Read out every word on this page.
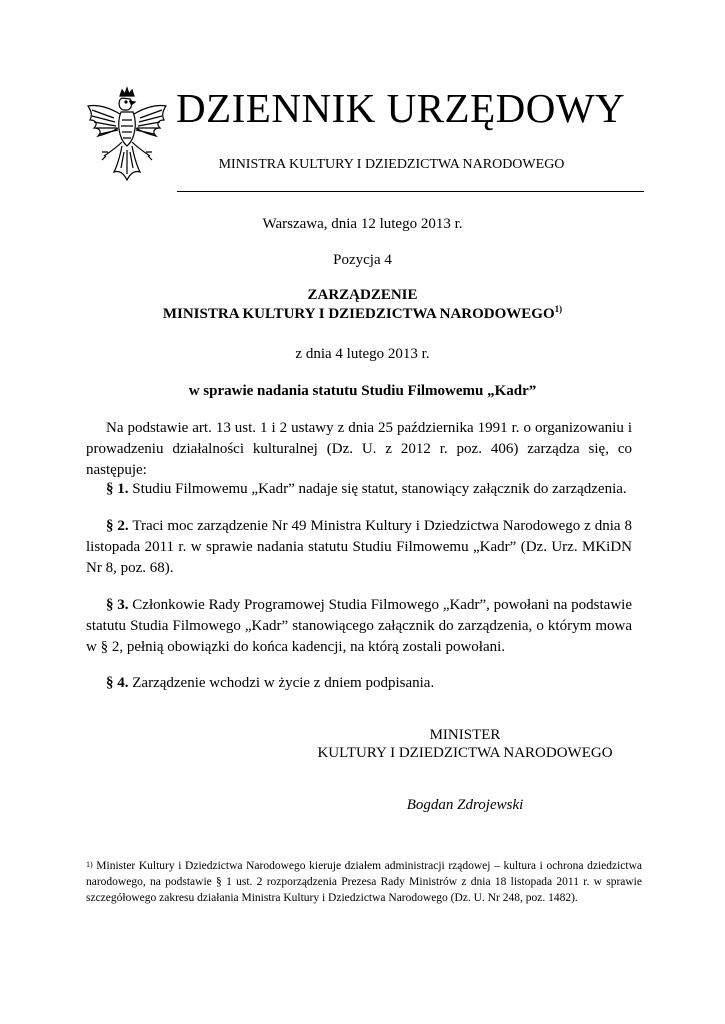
DZIENNIK URZĘDOWY
MINISTRA KULTURY I DZIEDZICTWA NARODOWEGO
Warszawa, dnia 12 lutego 2013 r.
Pozycja 4
ZARZĄDZENIE
MINISTRA KULTURY I DZIEDZICTWA NARODOWEGO$^{1)}$
z dnia 4 lutego 2013 r.
w sprawie nadania statutu Studiu Filmowemu „Kadr”
Na podstawie art. 13 ust. 1 i 2 ustawy z dnia 25 października 1991 r. o organizowaniu i prowadzeniu działalności kulturalnej (Dz. U. z 2012 r. poz. 406) zarządza się, co następuje:
§ 1. Studiu Filmowemu „Kadr” nadaje się statut, stanowiący załącznik do zarządzenia.
§ 2. Traci moc zarządzenie Nr 49 Ministra Kultury i Dziedzictwa Narodowego z dnia 8 listopada 2011 r. w sprawie nadania statutu Studiu Filmowemu „Kadr” (Dz. Urz. MKiDN Nr 8, poz. 68).
§ 3. Członkowie Rady Programowej Studia Filmowego „Kadr”, powołani na podstawie statutu Studia Filmowego „Kadr” stanowiącego załącznik do zarządzenia, o którym mowa w § 2, pełnią obowiązki do końca kadencji, na którą zostali powołani.
§ 4. Zarządzenie wchodzi w życie z dniem podpisania.
MINISTER
KULTURY I DZIEDZICTWA NARODOWEGO
Bogdan Zdrojewski
$^{1)}$ Minister Kultury i Dziedzictwa Narodowego kieruje działem administracji rządowej – kultura i ochrona dziedzictwa narodowego, na podstawie § 1 ust. 2 rozporządzenia Prezesa Rady Ministrów z dnia 18 listopada 2011 r. w sprawie szczegółowego zakresu działania Ministra Kultury i Dziedzictwa Narodowego (Dz. U. Nr 248, poz. 1482).
